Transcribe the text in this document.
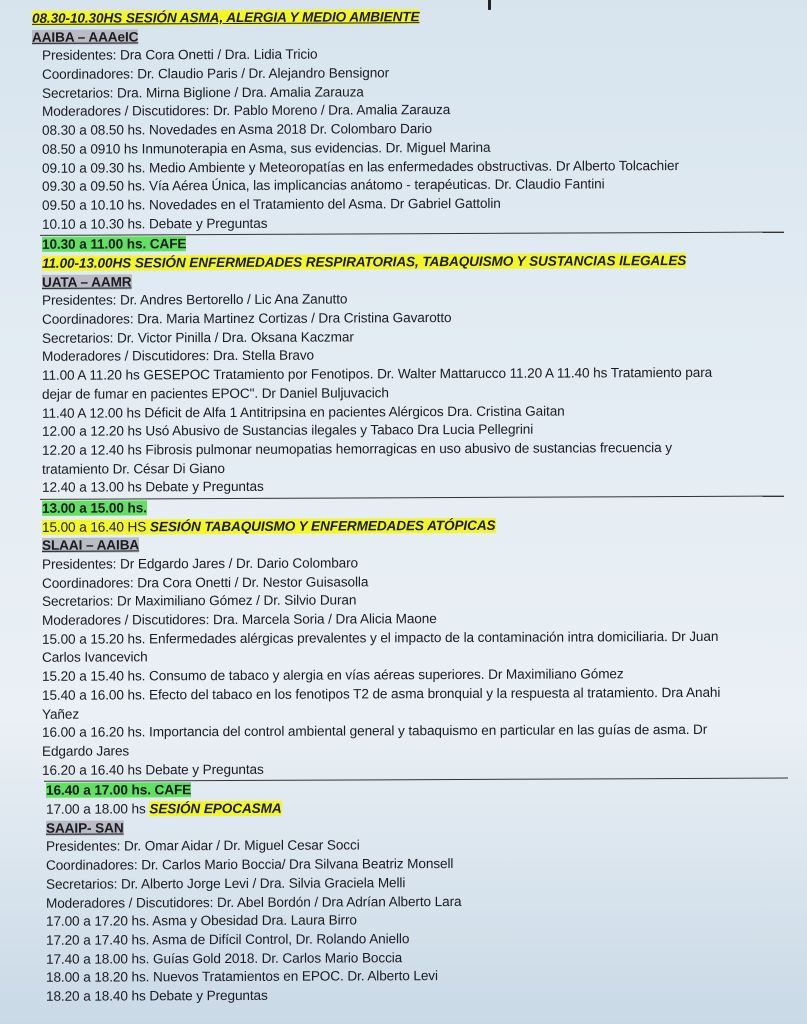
08.30-10.30HS SESIÓN ASMA, ALERGIA Y MEDIO AMBIENTE
AAIBA – AAAeIC
Presidentes: Dra Cora Onetti / Dra. Lidia Tricio
Coordinadores: Dr. Claudio Paris / Dr. Alejandro Bensignor
Secretarios: Dra. Mirna Biglione / Dra. Amalia Zarauza
Moderadores / Discutidores: Dr. Pablo Moreno / Dra. Amalia Zarauza
08.30 a 08.50 hs. Novedades en Asma 2018 Dr. Colombaro Dario
08.50 a 0910 hs Inmunoterapia en Asma, sus evidencias. Dr. Miguel Marina
09.10 a 09.30 hs. Medio Ambiente y Meteoropatías en las enfermedades obstructivas. Dr Alberto Tolcachier
09.30 a 09.50 hs. Vía Aérea Única, las implicancias anátomo - terapéuticas. Dr. Claudio Fantini
09.50 a 10.10 hs. Novedades en el Tratamiento del Asma. Dr Gabriel Gattolin
10.10 a 10.30 hs. Debate y Preguntas
10.30 a 11.00 hs. CAFE
11.00-13.00HS SESIÓN ENFERMEDADES RESPIRATORIAS, TABAQUISMO Y SUSTANCIAS ILEGALES
UATA – AAMR
Presidentes: Dr. Andres Bertorello / Lic Ana Zanutto
Coordinadores: Dra. Maria Martinez Cortizas / Dra Cristina Gavarotto
Secretarios: Dr. Victor Pinilla / Dra. Oksana Kaczmar
Moderadores / Discutidores: Dra. Stella Bravo
11.00 A 11.20 hs GESEPOC Tratamiento por Fenotipos. Dr. Walter Mattarucco 11.20 A 11.40 hs Tratamiento para dejar de fumar en pacientes EPOC". Dr Daniel Buljuvacich
11.40 A 12.00 hs Déficit de Alfa 1 Antitripsina en pacientes Alérgicos Dra. Cristina Gaitan
12.00 a 12.20 hs Usó Abusivo de Sustancias ilegales y Tabaco Dra Lucia Pellegrini
12.20 a 12.40 hs Fibrosis pulmonar neumopatias hemorragicas en uso abusivo de sustancias frecuencia y tratamiento Dr. César Di Giano
12.40 a 13.00 hs Debate y Preguntas
13.00 a 15.00 hs.
15.00 a 16.40 HS SESIÓN TABAQUISMO Y ENFERMEDADES ATÓPICAS
SLAAI – AAIBA
Presidentes: Dr Edgardo Jares / Dr. Dario Colombaro
Coordinadores: Dra Cora Onetti / Dr. Nestor Guisasolla
Secretarios: Dr Maximiliano Gómez / Dr. Silvio Duran
Moderadores / Discutidores: Dra. Marcela Soria / Dra Alicia Maone
15.00 a 15.20 hs. Enfermedades alérgicas prevalentes y el impacto de la contaminación intra domiciliaria. Dr Juan Carlos Ivancevich
15.20 a 15.40 hs. Consumo de tabaco y alergia en vías aéreas superiores. Dr Maximiliano Gómez
15.40 a 16.00 hs. Efecto del tabaco en los fenotipos T2 de asma bronquial y la respuesta al tratamiento. Dra Anahi Yañez
16.00 a 16.20 hs. Importancia del control ambiental general y tabaquismo en particular en las guías de asma. Dr Edgardo Jares
16.20 a 16.40 hs Debate y Preguntas
16.40 a 17.00 hs. CAFE
17.00 a 18.00 hs SESIÓN EPOCASMA
SAAIP- SAN
Presidentes: Dr. Omar Aidar / Dr. Miguel Cesar Socci
Coordinadores: Dr. Carlos Mario Boccia/ Dra Silvana Beatriz Monsell
Secretarios: Dr. Alberto Jorge Levi / Dra. Silvia Graciela Melli
Moderadores / Discutidores: Dr. Abel Bordón / Dra Adrían Alberto Lara
17.00 a 17.20 hs. Asma y Obesidad Dra. Laura Birro
17.20 a 17.40 hs. Asma de Difícil Control, Dr. Rolando Aniello
17.40 a 18.00 hs. Guías Gold 2018. Dr. Carlos Mario Boccia
18.00 a 18.20 hs. Nuevos Tratamientos en EPOC. Dr. Alberto Levi
18.20 a 18.40 hs Debate y Preguntas
